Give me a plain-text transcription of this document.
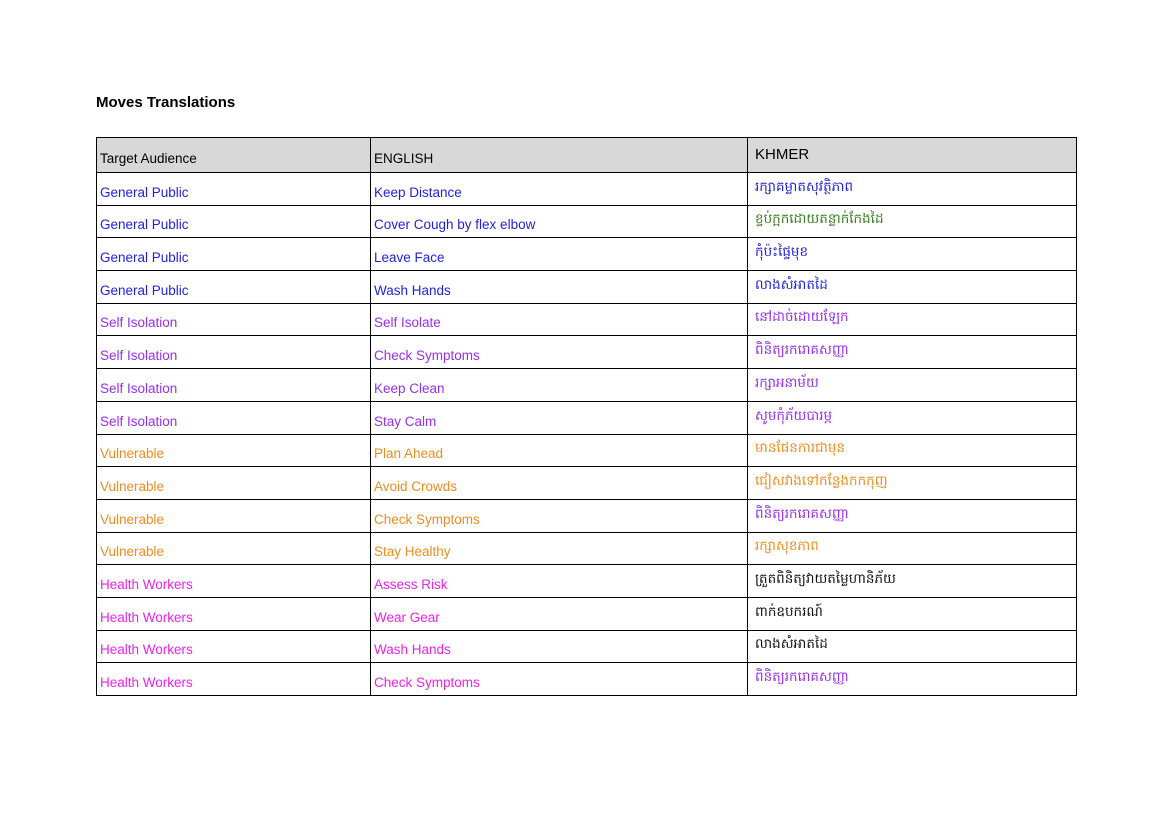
Moves Translations
Target Audience	ENGLISH	KHMER
General Public	Keep Distance	រក្សាគម្លាតសុវត្ថិភាព
General Public	Cover Cough by flex elbow	ខ្ទប់ក្អកដោយតន្លាក់កែងដៃ
General Public	Leave Face	កុំប៉ះផ្ទៃមុខ
General Public	Wash Hands	លាងសំអាតដៃ
Self Isolation	Self Isolate	នៅដាច់ដោយឡែក
Self Isolation	Check Symptoms	ពិនិត្យរករោគសញ្ញា
Self Isolation	Keep Clean	រក្សាអនាម័យ
Self Isolation	Stay Calm	សូមកុំភ័យបារម្ភ
Vulnerable	Plan Ahead	មានផែនការជាមុន
Vulnerable	Avoid Crowds	ជៀសវាងទៅកន្លែងកកកុញ
Vulnerable	Check Symptoms	ពិនិត្យរករោគសញ្ញា
Vulnerable	Stay Healthy	រក្សាសុខភាព
Health Workers	Assess Risk	ត្រួតពិនិត្យវាយតម្លៃហានិភ័យ
Health Workers	Wear Gear	ពាក់ឧបករណ៍
Health Workers	Wash Hands	លាងសំអាតដៃ
Health Workers	Check Symptoms	ពិនិត្យរករោគសញ្ញា
